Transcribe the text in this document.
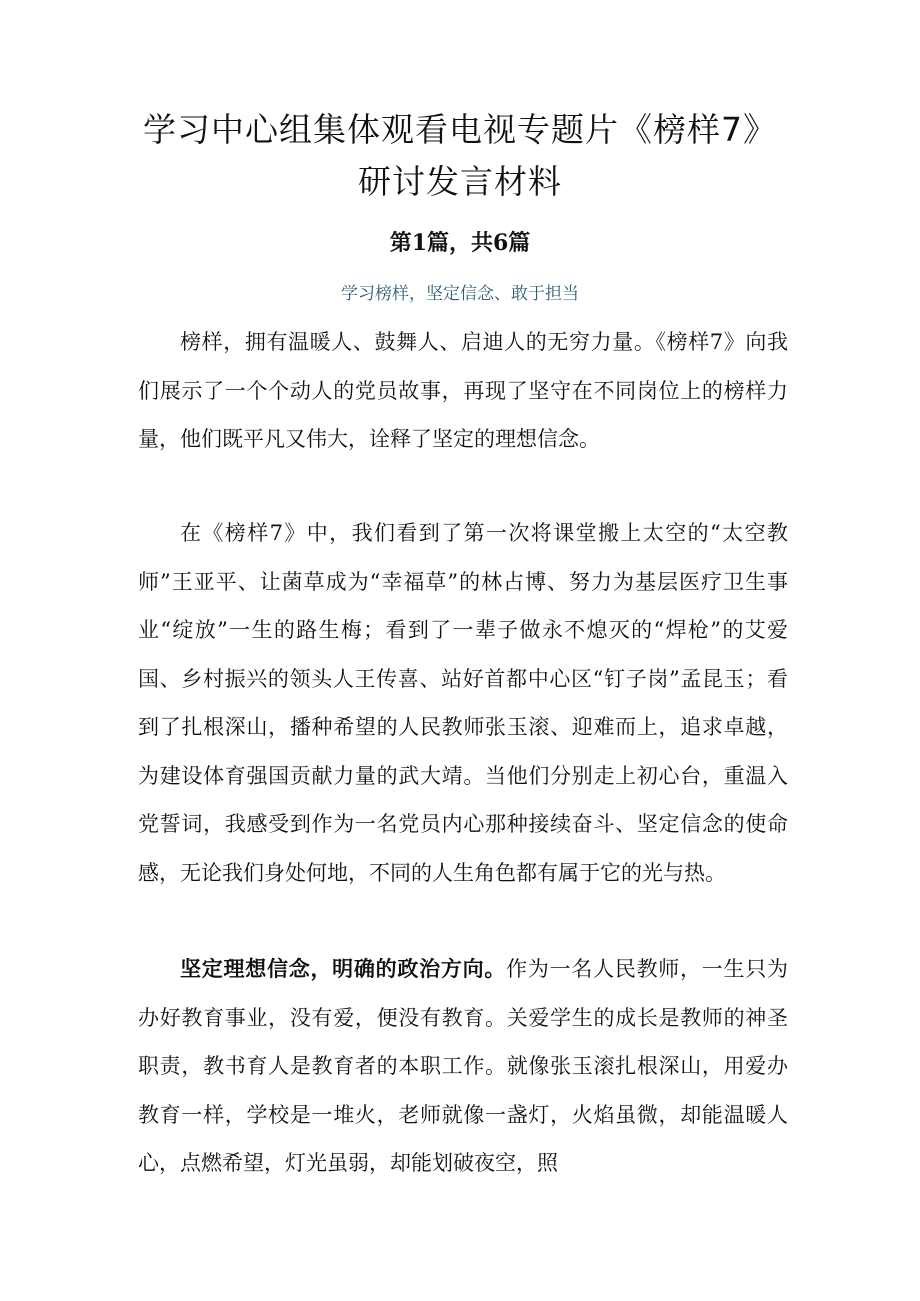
学习中心组集体观看电视专题片《榜样7》
研讨发言材料
第1篇，共6篇
学习榜样，坚定信念、敢于担当

榜样，拥有温暖人、鼓舞人、启迪人的无穷力量。《榜样7》向我们展示了一个个动人的党员故事，再现了坚守在不同岗位上的榜样力量，他们既平凡又伟大，诠释了坚定的理想信念。

在《榜样7》中，我们看到了第一次将课堂搬上太空的“太空教师”王亚平、让菌草成为“幸福草”的林占博、努力为基层医疗卫生事业“绽放”一生的路生梅；看到了一辈子做永不熄灭的“焊枪”的艾爱国、乡村振兴的领头人王传喜、站好首都中心区“钉子岗”孟昆玉；看到了扎根深山，播种希望的人民教师张玉滚、迎难而上，追求卓越，为建设体育强国贡献力量的武大靖。当他们分别走上初心台，重温入党誓词，我感受到作为一名党员内心那种接续奋斗、坚定信念的使命感，无论我们身处何地，不同的人生角色都有属于它的光与热。

坚定理想信念，明确的政治方向。作为一名人民教师，一生只为办好教育事业，没有爱，便没有教育。关爱学生的成长是教师的神圣职责，教书育人是教育者的本职工作。就像张玉滚扎根深山，用爱办教育一样，学校是一堆火，老师就像一盏灯，火焰虽微，却能温暖人心，点燃希望，灯光虽弱，却能划破夜空，照
